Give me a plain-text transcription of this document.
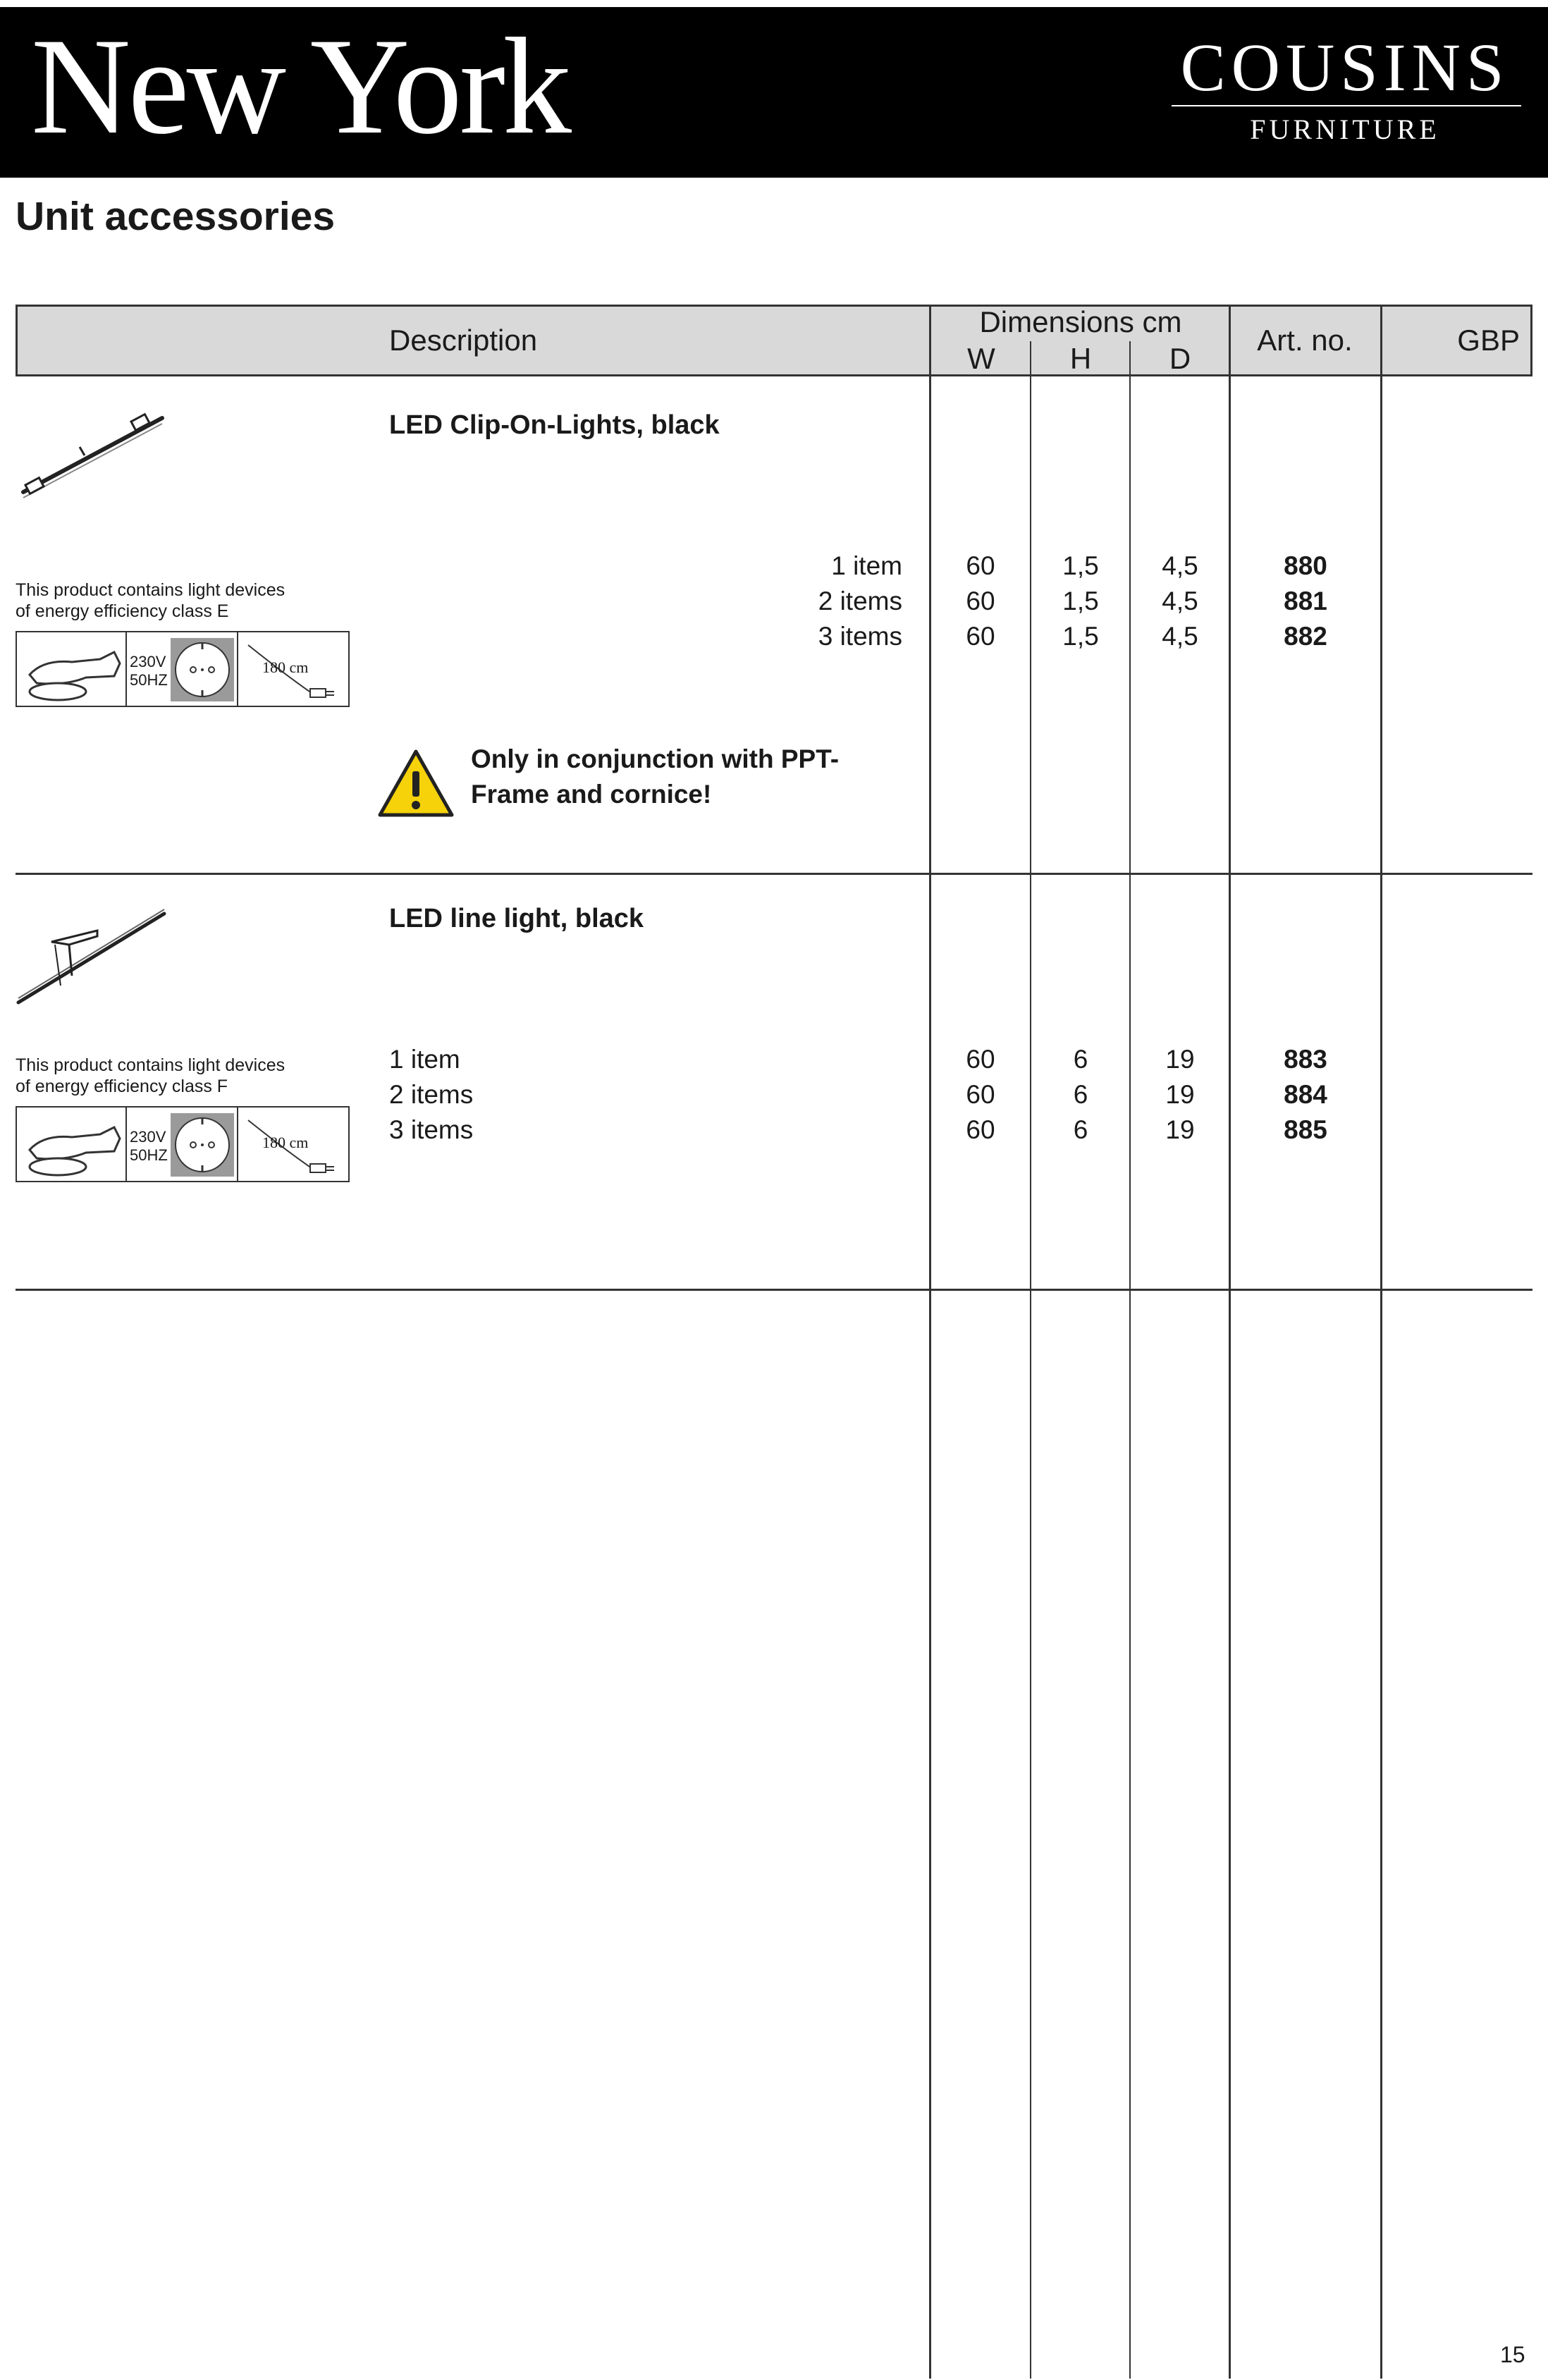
New York	COUSINS
FURNITURE
Unit accessories
Description
Dimensions cm
W	H	D
Art. no.	GBP
LED Clip-On-Lights, black
This product contains light devices
of energy efficiency class E
230V
50HZ
180 cm
1 item	60	1,5	4,5	880
2 items	60	1,5	4,5	881
3 items	60	1,5	4,5	882
Only in conjunction with PPT-
Frame and cornice!
LED line light, black
This product contains light devices
of energy efficiency class F
230V
50HZ
180 cm
1 item	60	6	19	883
2 items	60	6	19	884
3 items	60	6	19	885
15
